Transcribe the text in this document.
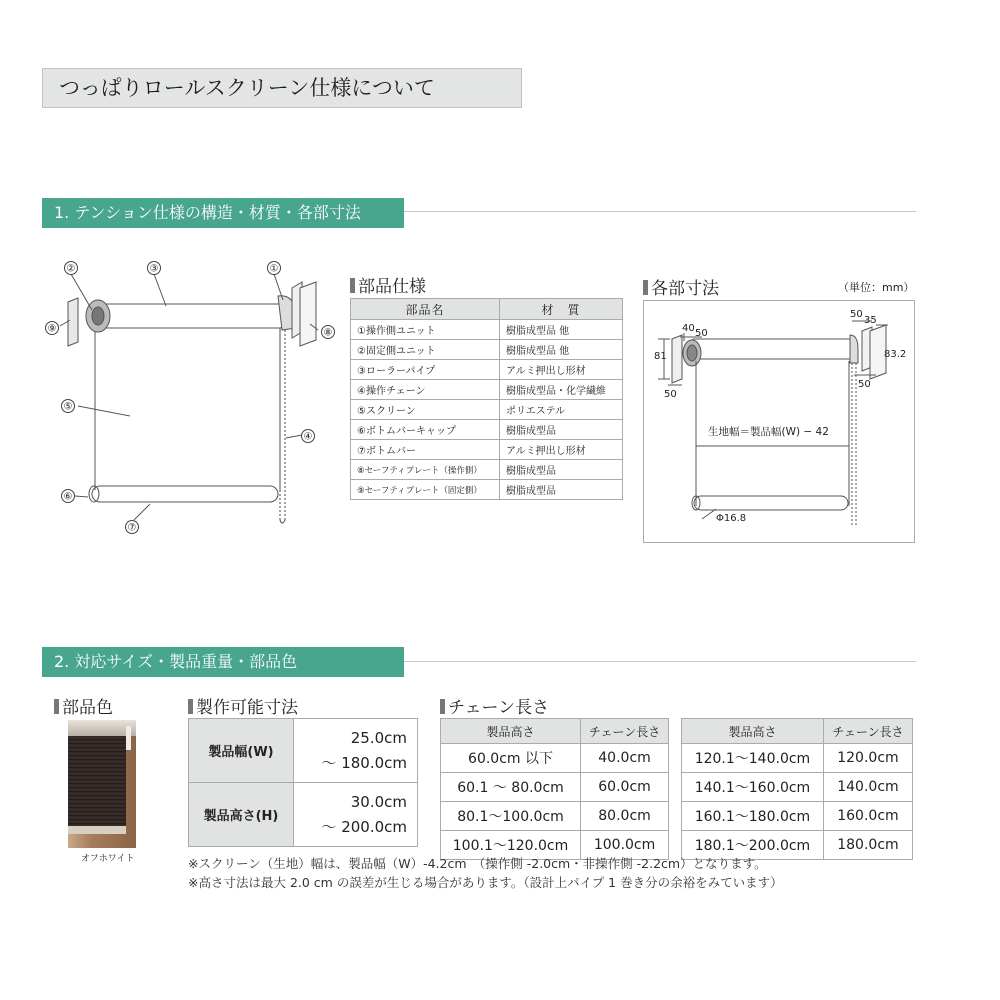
つっぱりロールスクリーン仕様について
1. テンション仕様の構造・材質・各部寸法
②	③	①
⑨	⑧
⑤
④
⑥
⑦
部品仕様
部品名	材　質
①操作側ユニット	樹脂成型品 他
②固定側ユニット	樹脂成型品 他
③ローラーパイプ	アルミ押出し形材
④操作チェーン	樹脂成型品・化学繊維
⑤スクリーン	ポリエステル
⑥ボトムバーキャップ	樹脂成型品
⑦ボトムバー	アルミ押出し形材
⑧セーフティプレート（操作側）	樹脂成型品
⑨セーフティプレート（固定側）	樹脂成型品
各部寸法	（単位：mm）
40 50
81
50
50
35
83.2
50
生地幅＝製品幅(W) − 42
Φ16.8
2. 対応サイズ・製品重量・部品色
部品色
オフホワイト
製作可能寸法
製品幅(W)	25.0cm
～ 180.0cm

製品高さ(H)	30.0cm
～ 200.0cm
チェーン長さ
製品高さ	チェーン長さ
60.0cm 以下	40.0cm
60.1 ～ 80.0cm	60.0cm
80.1～100.0cm	80.0cm
100.1～120.0cm	100.0cm
製品高さ	チェーン長さ
120.1～140.0cm	120.0cm
140.1～160.0cm	140.0cm
160.1～180.0cm	160.0cm
180.1～200.0cm	180.0cm
※スクリーン（生地）幅は、製品幅（W）-4.2cm　（操作側 -2.0cm・非操作側 -2.2cm）となります。
※高さ寸法は最大 2.0 cm の誤差が生じる場合があります。（設計上パイプ 1 巻き分の余裕をみています）
